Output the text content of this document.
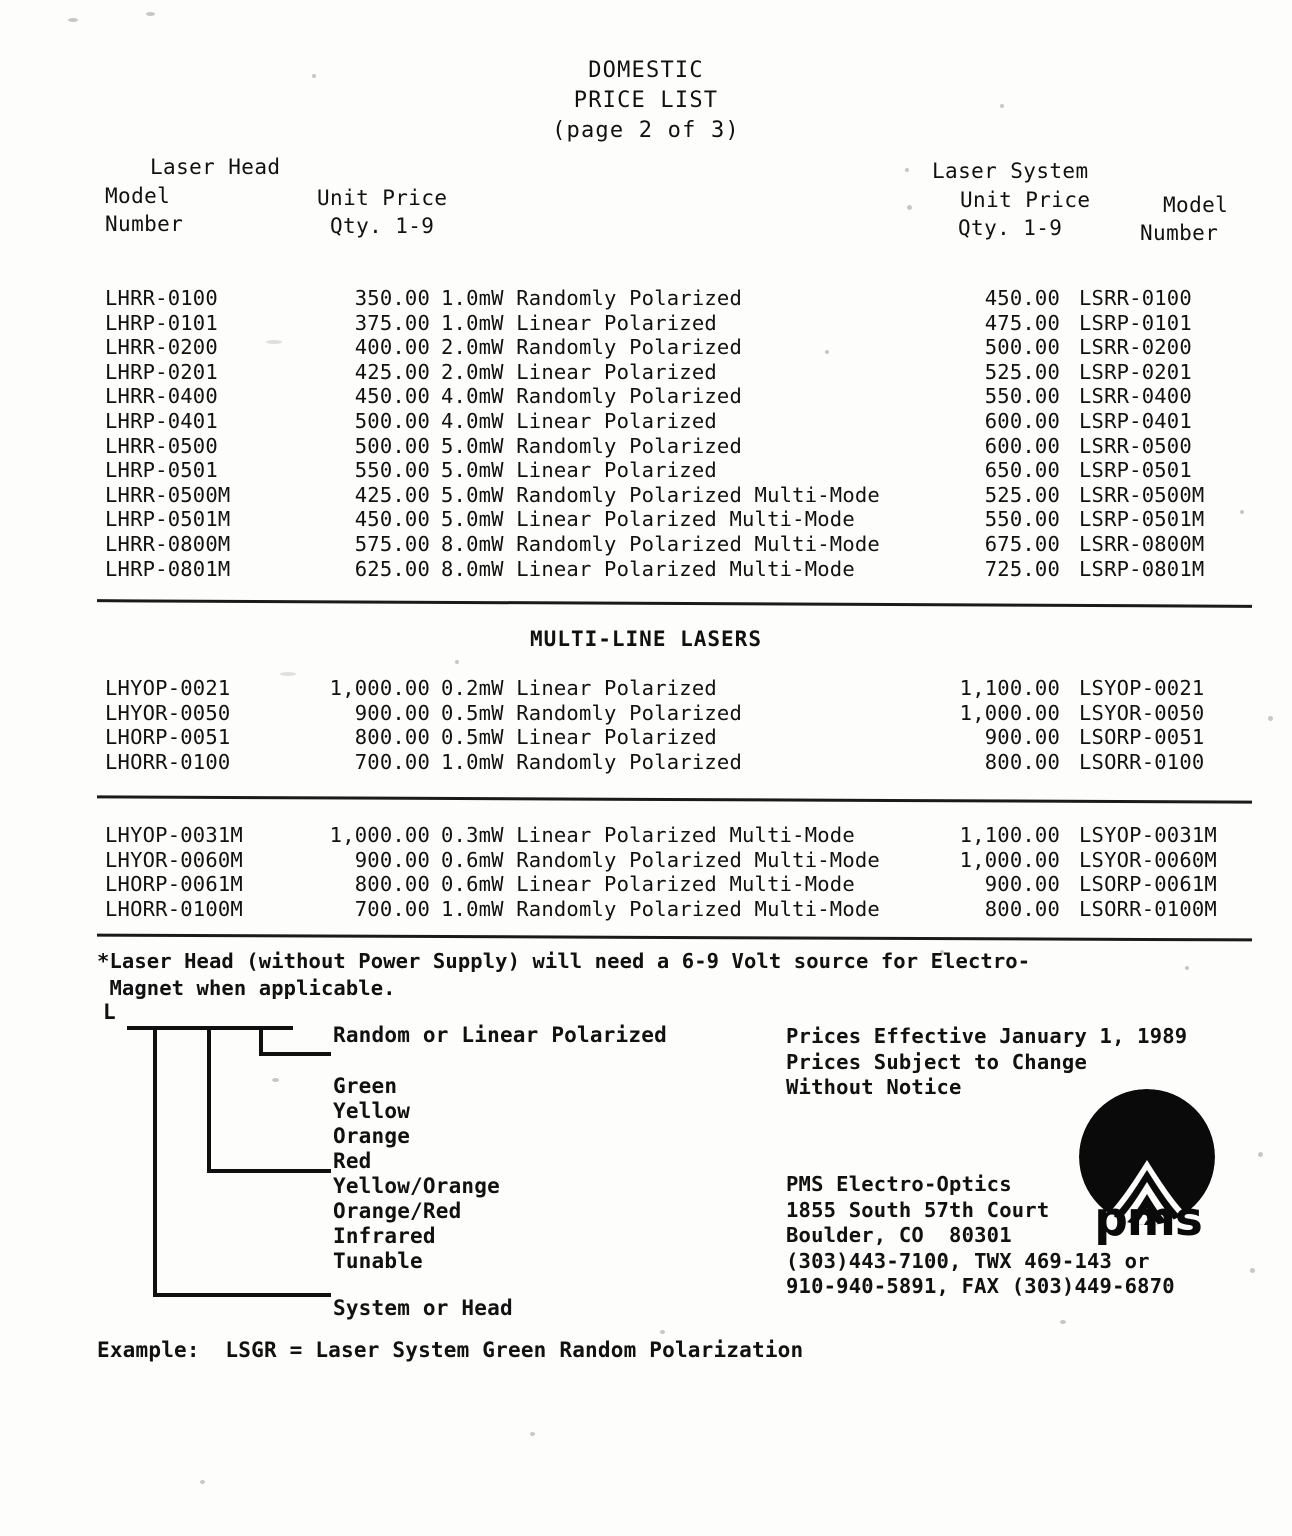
DOMESTIC
PRICE LIST
(page 2 of 3)
Laser Head
Model
Number
Unit Price
Qty. 1-9
Laser System
Unit Price
Qty. 1-9
Model
Number
LHRR-0100	350.00 1.0mW Randomly Polarized	450.00 LSRR-0100
LHRP-0101	375.00 1.0mW Linear Polarized	475.00 LSRP-0101
LHRR-0200	400.00 2.0mW Randomly Polarized	500.00 LSRR-0200
LHRP-0201	425.00 2.0mW Linear Polarized	525.00 LSRP-0201
LHRR-0400	450.00 4.0mW Randomly Polarized	550.00 LSRR-0400
LHRP-0401	500.00 4.0mW Linear Polarized	600.00 LSRP-0401
LHRR-0500	500.00 5.0mW Randomly Polarized	600.00 LSRR-0500
LHRP-0501	550.00 5.0mW Linear Polarized	650.00 LSRP-0501
LHRR-0500M	425.00 5.0mW Randomly Polarized Multi-Mode	525.00 LSRR-0500M
LHRP-0501M	450.00 5.0mW Linear Polarized Multi-Mode	550.00 LSRP-0501M
LHRR-0800M	575.00 8.0mW Randomly Polarized Multi-Mode	675.00 LSRR-0800M
LHRP-0801M	625.00 8.0mW Linear Polarized Multi-Mode	725.00 LSRP-0801M
MULTI-LINE LASERS
LHYOP-0021	1,000.00 0.2mW Linear Polarized	1,100.00 LSYOP-0021
LHYOR-0050	900.00 0.5mW Randomly Polarized	1,000.00 LSYOR-0050
LHORP-0051	800.00 0.5mW Linear Polarized	900.00 LSORP-0051
LHORR-0100	700.00 1.0mW Randomly Polarized	800.00 LSORR-0100
LHYOP-0031M	1,000.00 0.3mW Linear Polarized Multi-Mode	1,100.00 LSYOP-0031M
LHYOR-0060M	900.00 0.6mW Randomly Polarized Multi-Mode	1,000.00 LSYOR-0060M
LHORP-0061M	800.00 0.6mW Linear Polarized Multi-Mode	900.00 LSORP-0061M
LHORR-0100M	700.00 1.0mW Randomly Polarized Multi-Mode	800.00 LSORR-0100M
*Laser Head (without Power Supply) will need a 6-9 Volt source for Electro-
Magnet when applicable.
L
Random or Linear Polarized
Green
Yellow
Orange
Red
Yellow/Orange
Orange/Red
Infrared
Tunable
System or Head
Prices Effective January 1, 1989
Prices Subject to Change
Without Notice
PMS Electro-Optics
1855 South 57th Court
Boulder, CO  80301
(303)443-7100, TWX 469-143 or
910-940-5891, FAX (303)449-6870
pms
Example:  LSGR = Laser System Green Random Polarization
